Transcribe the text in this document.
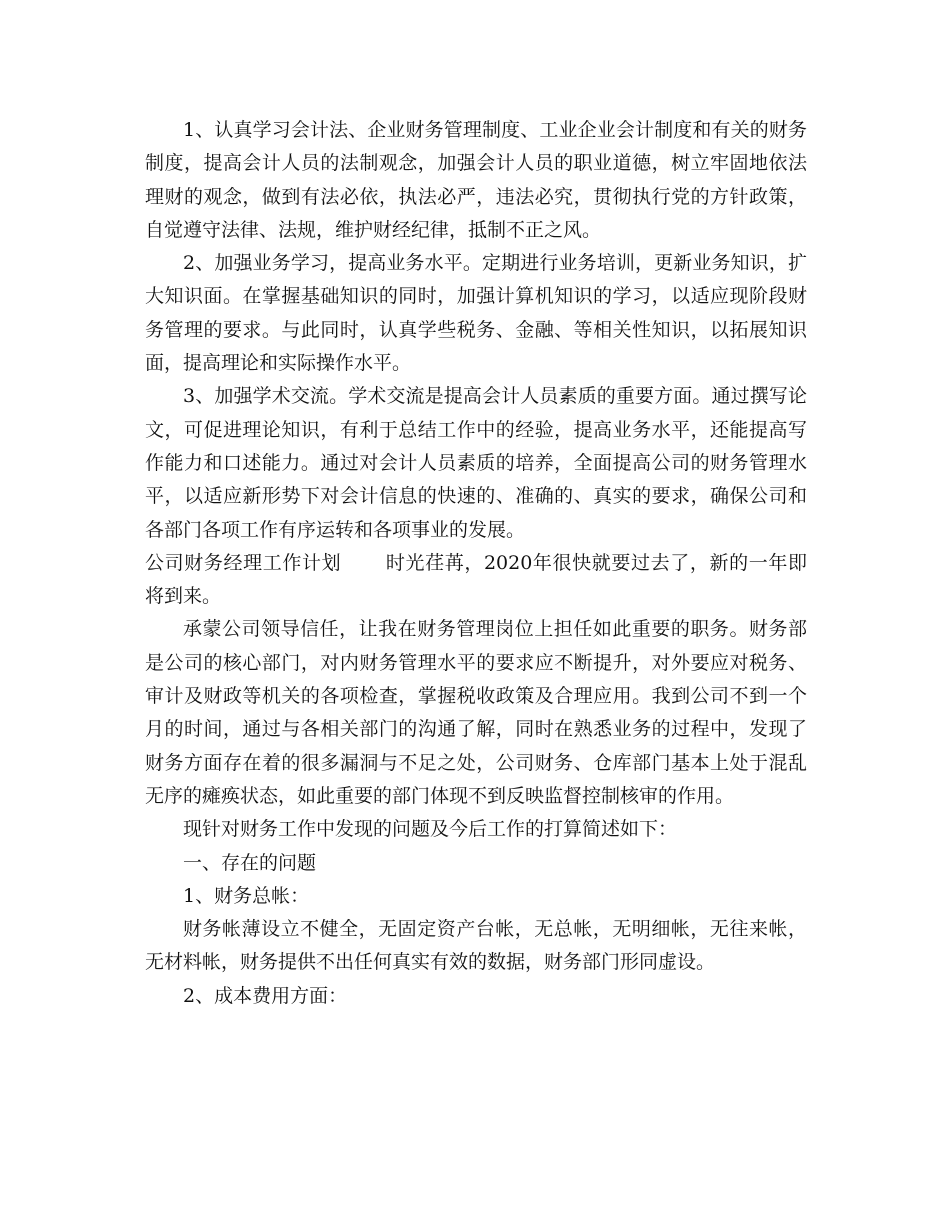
1、认真学习会计法、企业财务管理制度、工业企业会计制度和有关的财务制度，提高会计人员的法制观念，加强会计人员的职业道德，树立牢固地依法理财的观念，做到有法必依，执法必严，违法必究，贯彻执行党的方针政策，自觉遵守法律、法规，维护财经纪律，抵制不正之风。

2、加强业务学习，提高业务水平。定期进行业务培训，更新业务知识，扩大知识面。在掌握基础知识的同时，加强计算机知识的学习，以适应现阶段财务管理的要求。与此同时，认真学些税务、金融、等相关性知识，以拓展知识面，提高理论和实际操作水平。

3、加强学术交流。学术交流是提高会计人员素质的重要方面。通过撰写论文，可促进理论知识，有利于总结工作中的经验，提高业务水平，还能提高写作能力和口述能力。通过对会计人员素质的培养，全面提高公司的财务管理水平，以适应新形势下对会计信息的快速的、准确的、真实的要求，确保公司和各部门各项工作有序运转和各项事业的发展。

公司财务经理工作计划 时光荏苒，2020年很快就要过去了，新的一年即将到来。

承蒙公司领导信任，让我在财务管理岗位上担任如此重要的职务。财务部是公司的核心部门，对内财务管理水平的要求应不断提升，对外要应对税务、审计及财政等机关的各项检查，掌握税收政策及合理应用。我到公司不到一个月的时间，通过与各相关部门的沟通了解，同时在熟悉业务的过程中，发现了财务方面存在着的很多漏洞与不足之处，公司财务、仓库部门基本上处于混乱无序的瘫痪状态，如此重要的部门体现不到反映监督控制核审的作用。

现针对财务工作中发现的问题及今后工作的打算简述如下：

一、存在的问题

1、财务总帐：

财务帐薄设立不健全，无固定资产台帐，无总帐，无明细帐，无往来帐，无材料帐，财务提供不出任何真实有效的数据，财务部门形同虚设。

2、成本费用方面：
